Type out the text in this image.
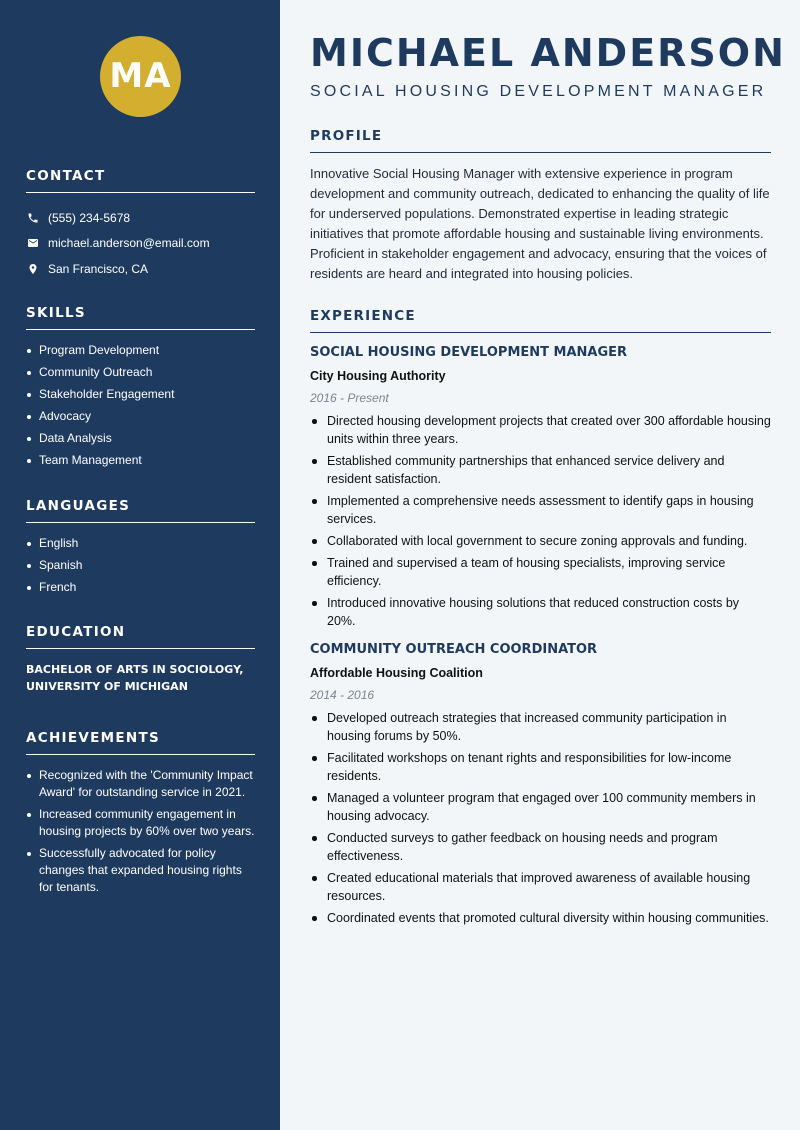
MA
CONTACT
(555) 234-5678
michael.anderson@email.com
San Francisco, CA
SKILLS
Program Development
Community Outreach
Stakeholder Engagement
Advocacy
Data Analysis
Team Management
LANGUAGES
English
Spanish
French
EDUCATION
BACHELOR OF ARTS IN SOCIOLOGY,
UNIVERSITY OF MICHIGAN
ACHIEVEMENTS
Recognized with the 'Community Impact Award' for outstanding service in 2021.
Increased community engagement in housing projects by 60% over two years.
Successfully advocated for policy changes that expanded housing rights for tenants.
MICHAEL ANDERSON
SOCIAL HOUSING DEVELOPMENT MANAGER
PROFILE

Innovative Social Housing Manager with extensive experience in program development and community outreach, dedicated to enhancing the quality of life for underserved populations. Demonstrated expertise in leading strategic initiatives that promote affordable housing and sustainable living environments. Proficient in stakeholder engagement and advocacy, ensuring that the voices of residents are heard and integrated into housing policies.

EXPERIENCE
SOCIAL HOUSING DEVELOPMENT MANAGER
City Housing Authority
2016 - Present
Directed housing development projects that created over 300 affordable housing units within three years.
Established community partnerships that enhanced service delivery and resident satisfaction.
Implemented a comprehensive needs assessment to identify gaps in housing services.
Collaborated with local government to secure zoning approvals and funding.
Trained and supervised a team of housing specialists, improving service efficiency.
Introduced innovative housing solutions that reduced construction costs by 20%.
COMMUNITY OUTREACH COORDINATOR
Affordable Housing Coalition
2014 - 2016
Developed outreach strategies that increased community participation in housing forums by 50%.
Facilitated workshops on tenant rights and responsibilities for low-income residents.
Managed a volunteer program that engaged over 100 community members in housing advocacy.
Conducted surveys to gather feedback on housing needs and program effectiveness.
Created educational materials that improved awareness of available housing resources.
Coordinated events that promoted cultural diversity within housing communities.
